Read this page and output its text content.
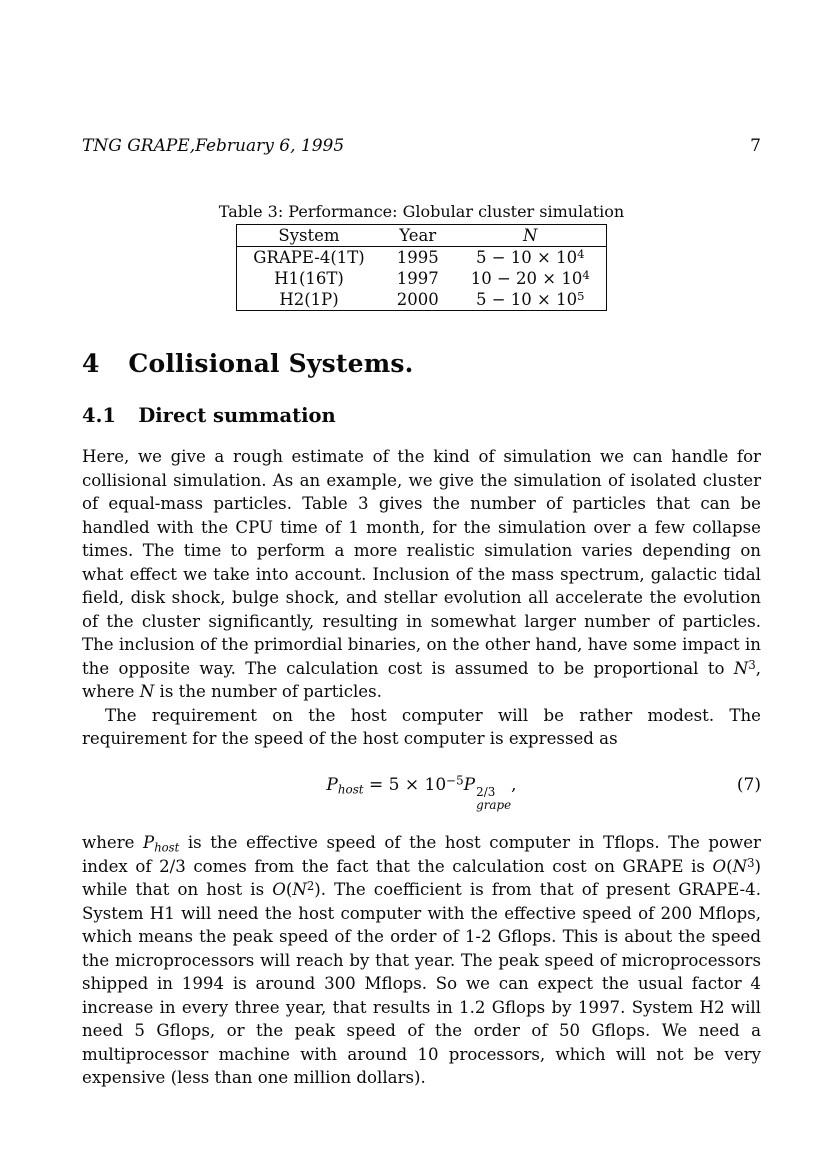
TNG GRAPE,February 6, 1995	7
Table 3: Performance: Globular cluster simulation
System	Year	N
GRAPE-4(1T)	1995	$5 - 10 \times 10^4$
H1(16T)	1997	$10 - 20 \times 10^4$
H2(1P)	2000	$5 - 10 \times 10^5$
4 Collisional Systems.
4.1 Direct summation

Here, we give a rough estimate of the kind of simulation we can handle for collisional simulation. As an example, we give the simulation of isolated cluster of equal-mass particles. Table 3 gives the number of particles that can be handled with the CPU time of 1 month, for the simulation over a few collapse times. The time to perform a more realistic simulation varies depending on what effect we take into account. Inclusion of the mass spectrum, galactic tidal field, disk shock, bulge shock, and stellar evolution all accelerate the evolution of the cluster significantly, resulting in somewhat larger number of particles. The inclusion of the primordial binaries, on the other hand, have some impact in the opposite way. The calculation cost is assumed to be proportional to $N^3$, where N is the number of particles.

The requirement on the host computer will be rather modest. The requirement for the speed of the host computer is expressed as

$P_{host} = 5 \times 10^{-5}P$ 2/3
grape
,	(7)

where $P_{host}$ is the effective speed of the host computer in Tflops. The power index of 2/3 comes from the fact that the calculation cost on GRAPE is $O(N^3)$ while that on host is $O(N^2)$. The coefficient is from that of present GRAPE-4. System H1 will need the host computer with the effective speed of 200 Mflops, which means the peak speed of the order of 1-2 Gflops. This is about the speed the microprocessors will reach by that year. The peak speed of microprocessors shipped in 1994 is around 300 Mflops. So we can expect the usual factor 4 increase in every three year, that results in 1.2 Gflops by 1997. System H2 will need 5 Gflops, or the peak speed of the order of 50 Gflops. We need a multiprocessor machine with around 10 processors, which will not be very expensive (less than one million dollars).
